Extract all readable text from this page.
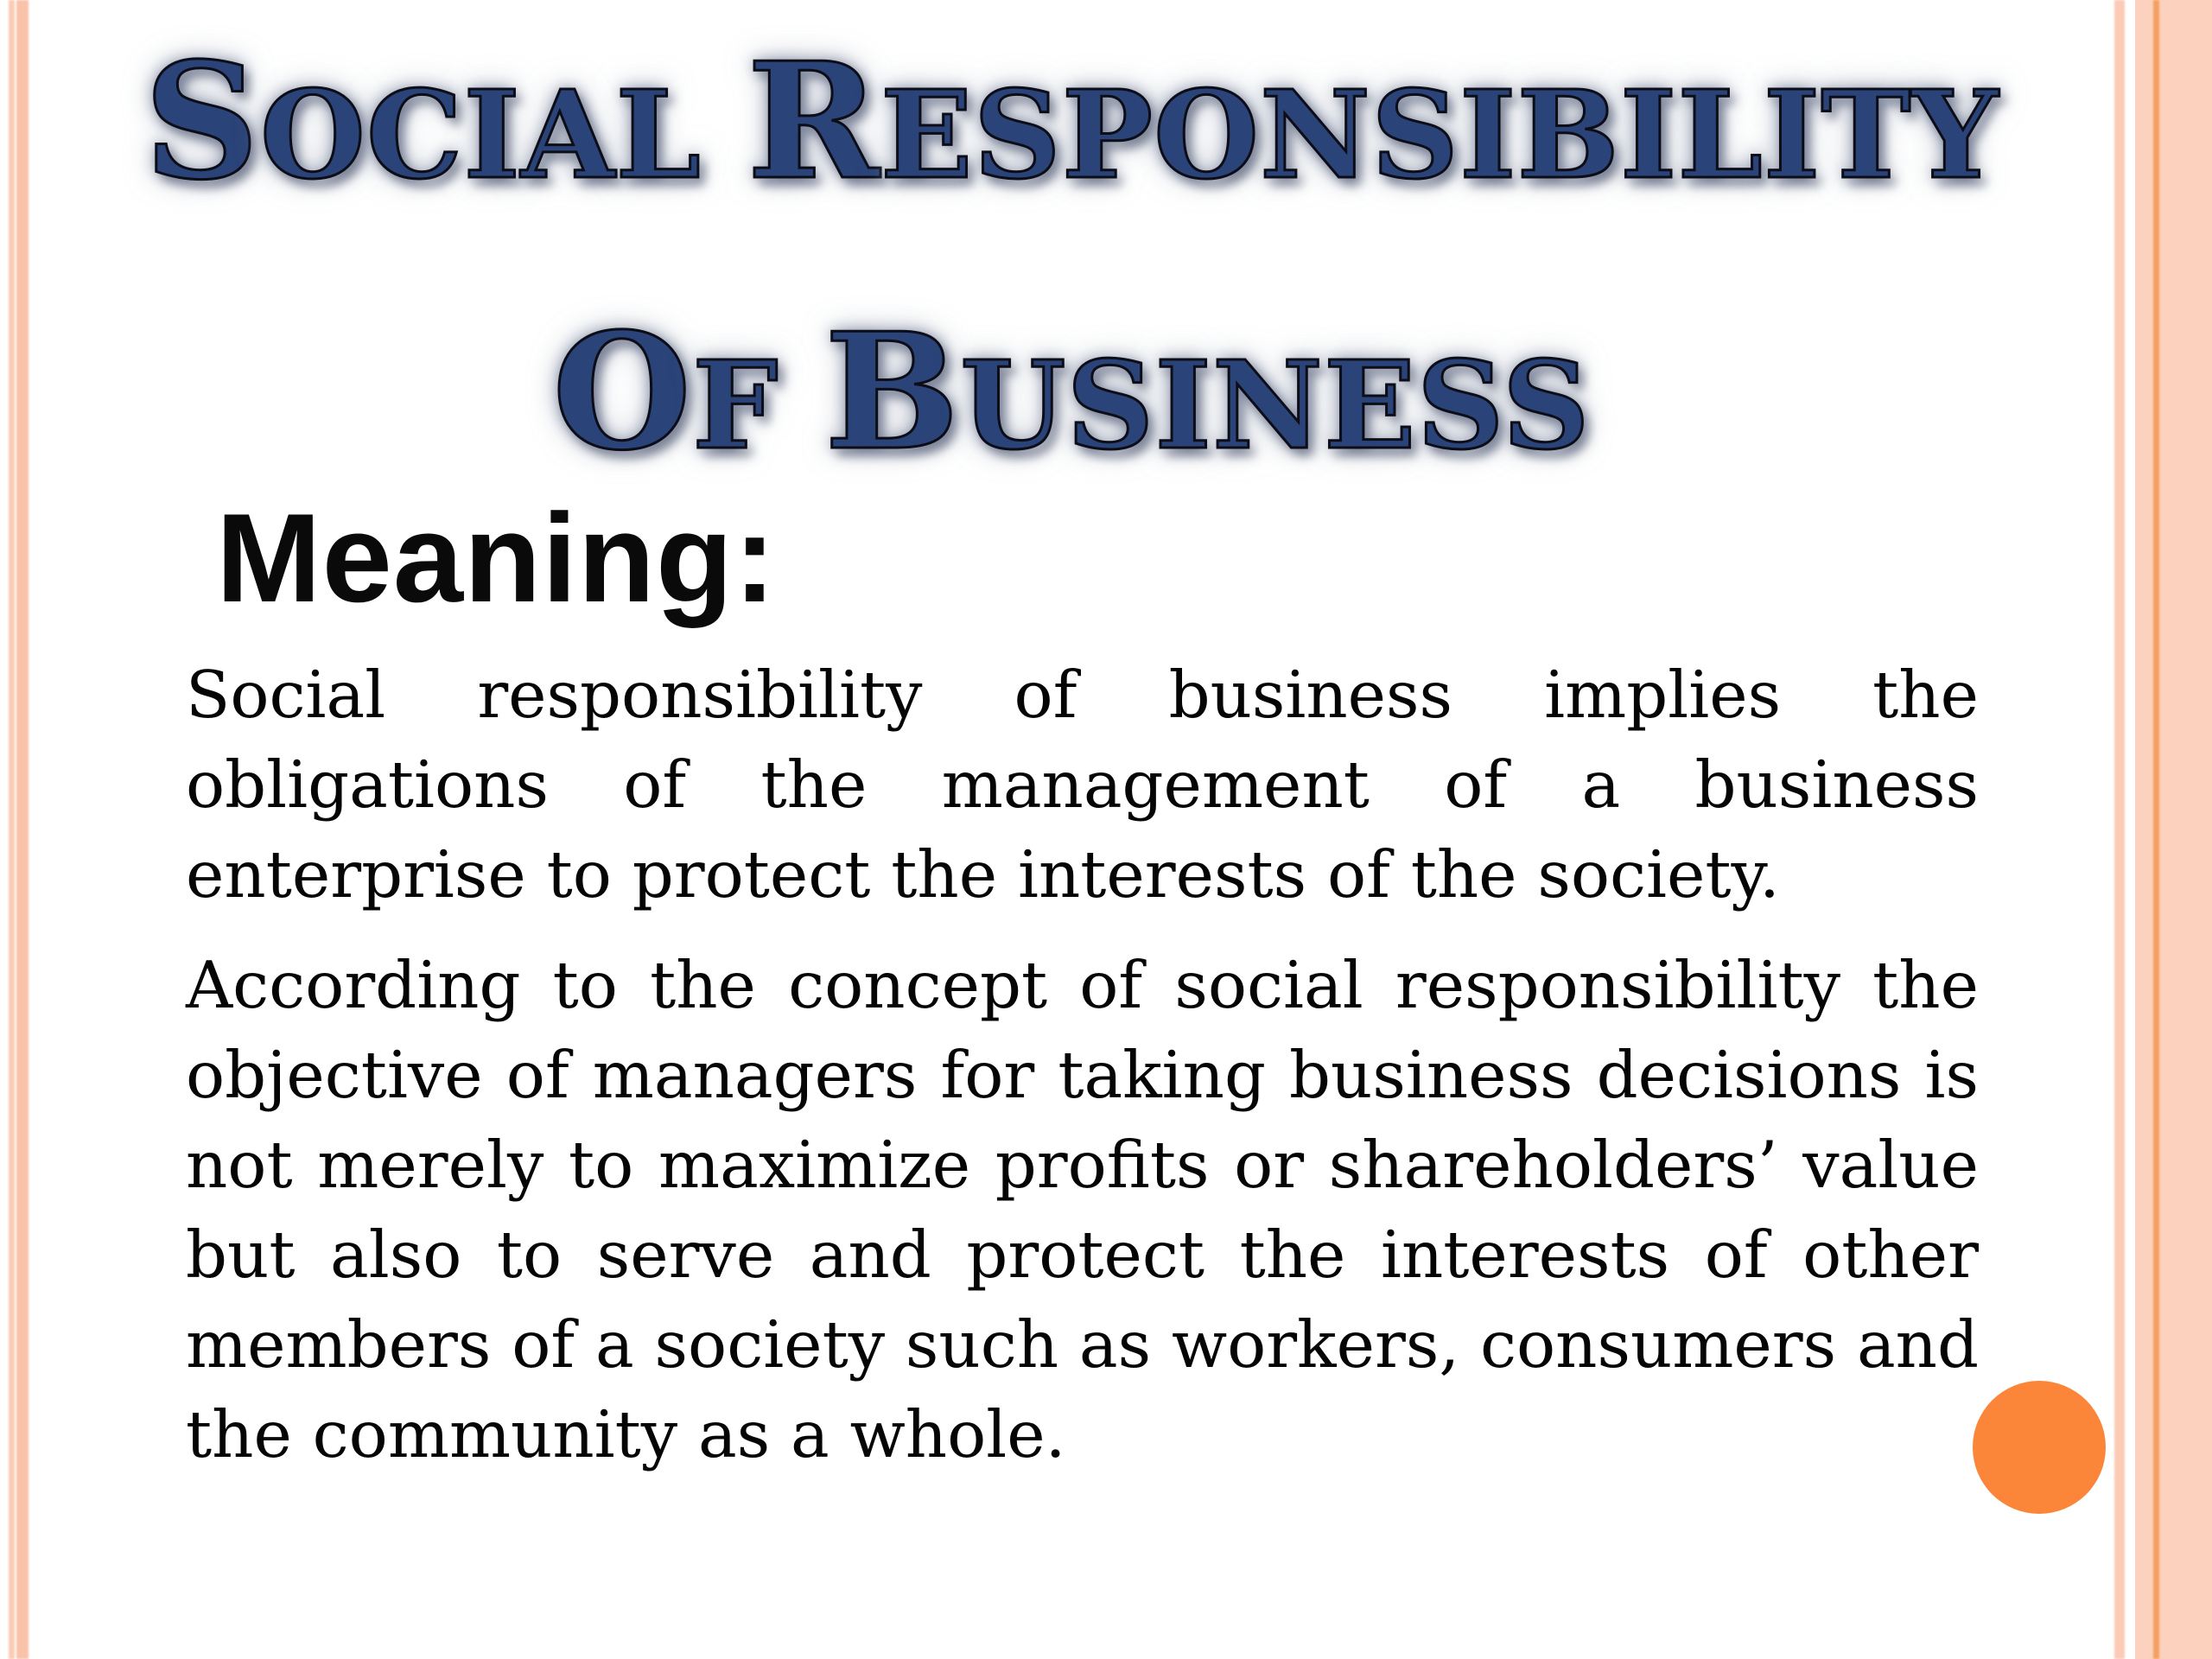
SOCIAL RESPONSIBILITY
OF BUSINESS
Meaning:

Social responsibility of business implies the obligations of the management of a business enterprise to protect the interests of the society.

According to the concept of social responsibility the objective of managers for taking business decisions is not merely to maximize profits or shareholders’ value but also to serve and protect the interests of other members of a society such as workers, consumers and the community as a whole.
